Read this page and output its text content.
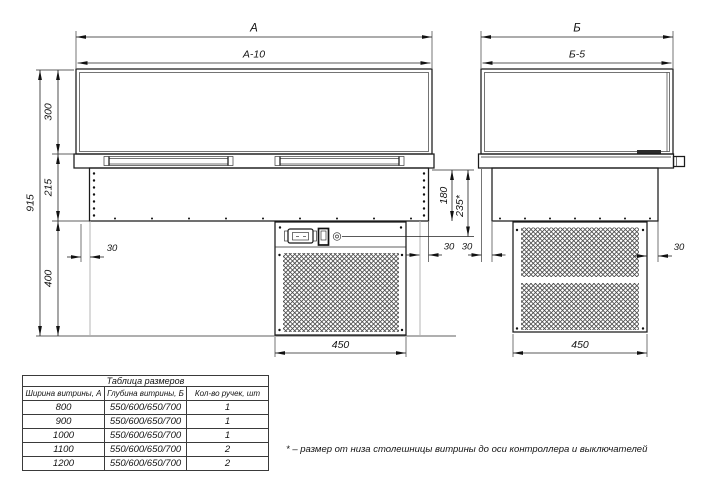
А
А-10
Б
Б-5
915
300
215
400
30
180 235*
30 30	30
450	450
Таблица размеров		
Ширина витрины, А	Глубина витрины, Б	Кол-во ручек, шт
800	550/600/650/700	1
900	550/600/650/700	1
1000	550/600/650/700	1
1100	550/600/650/700	2
1200	550/600/650/700	2
* – размер от низа столешницы витрины до оси контроллера и выключателей
